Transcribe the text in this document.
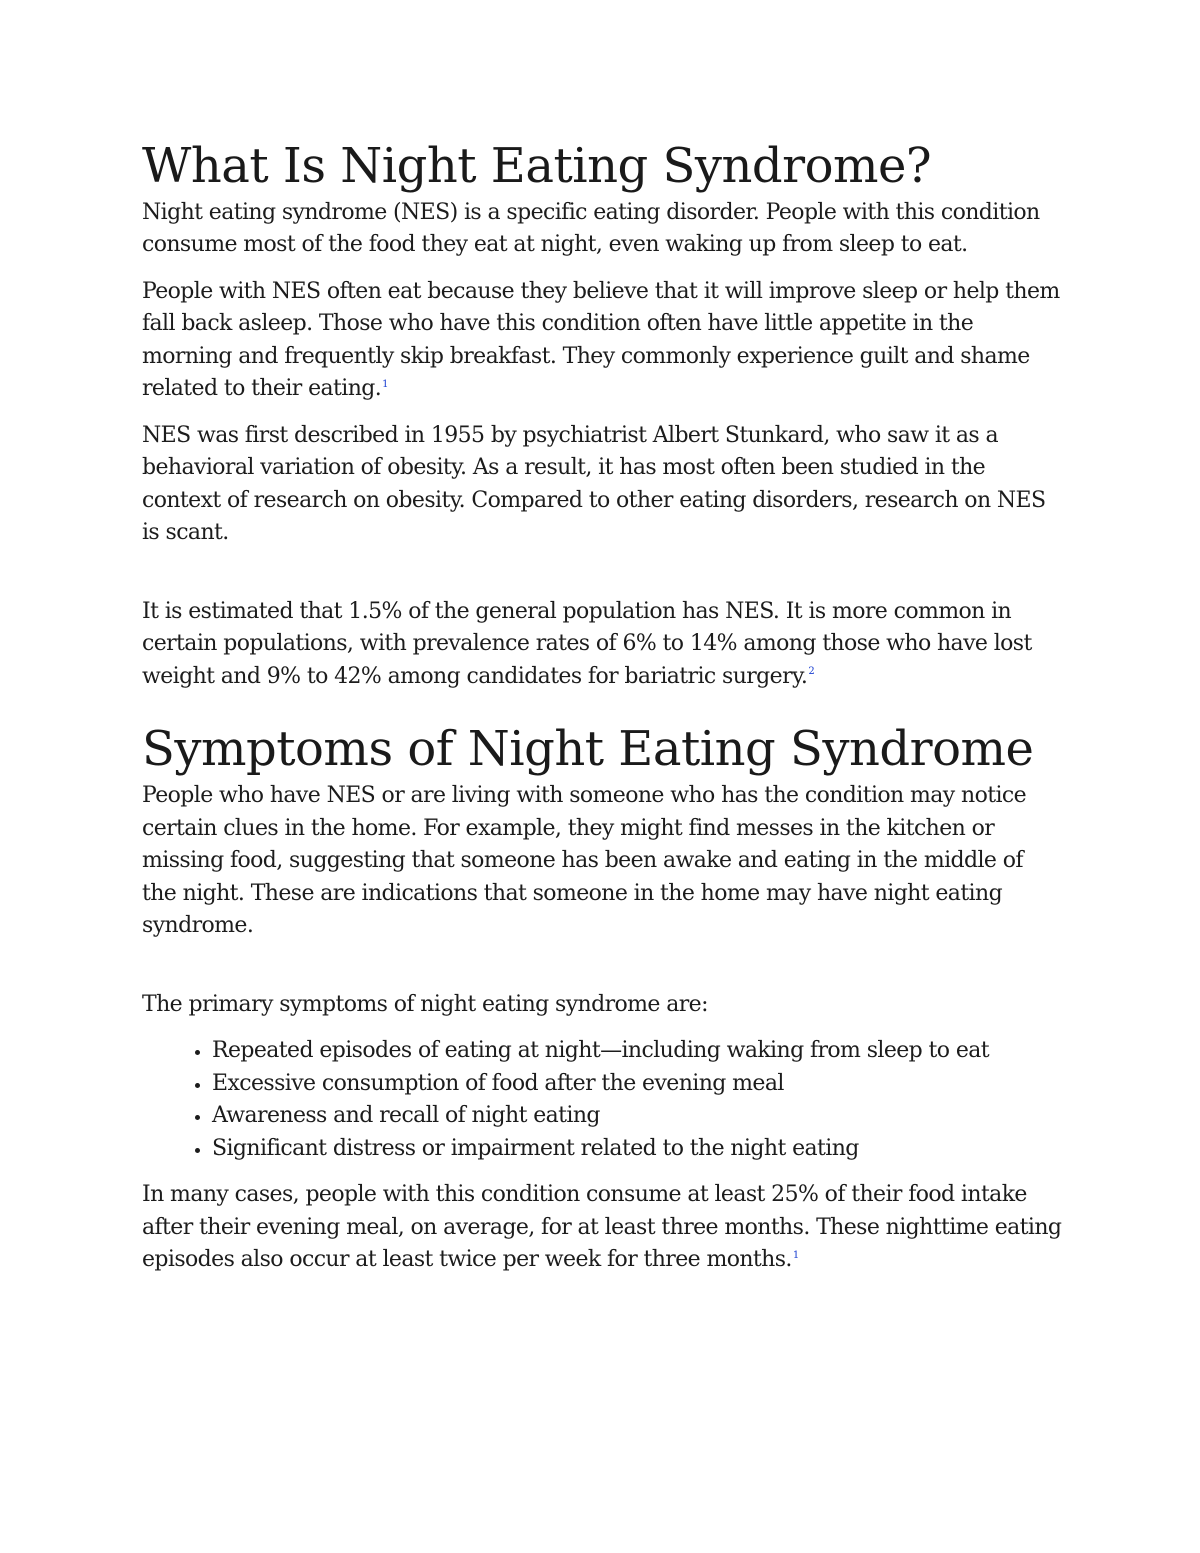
What Is Night Eating Syndrome?

Night eating syndrome (NES) is a specific eating disorder. People with this condition consume most of the food they eat at night, even waking up from sleep to eat.

People with NES often eat because they believe that it will improve sleep or help them fall back asleep. Those who have this condition often have little appetite in the morning and frequently skip breakfast. They commonly experience guilt and shame related to their eating.$^1$

NES was first described in 1955 by psychiatrist Albert Stunkard, who saw it as a behavioral variation of obesity. As a result, it has most often been studied in the context of research on obesity. Compared to other eating disorders, research on NES is scant.

It is estimated that 1.5% of the general population has NES. It is more common in certain populations, with prevalence rates of 6% to 14% among those who have lost weight and 9% to 42% among candidates for bariatric surgery.$^2$

Symptoms of Night Eating Syndrome

People who have NES or are living with someone who has the condition may notice certain clues in the home. For example, they might find messes in the kitchen or missing food, suggesting that someone has been awake and eating in the middle of the night. These are indications that someone in the home may have night eating syndrome.

The primary symptoms of night eating syndrome are:

• Repeated episodes of eating at night—including waking from sleep to eat
• Excessive consumption of food after the evening meal
• Awareness and recall of night eating
• Significant distress or impairment related to the night eating

In many cases, people with this condition consume at least 25% of their food intake after their evening meal, on average, for at least three months. These nighttime eating episodes also occur at least twice per week for three months.$^1$
